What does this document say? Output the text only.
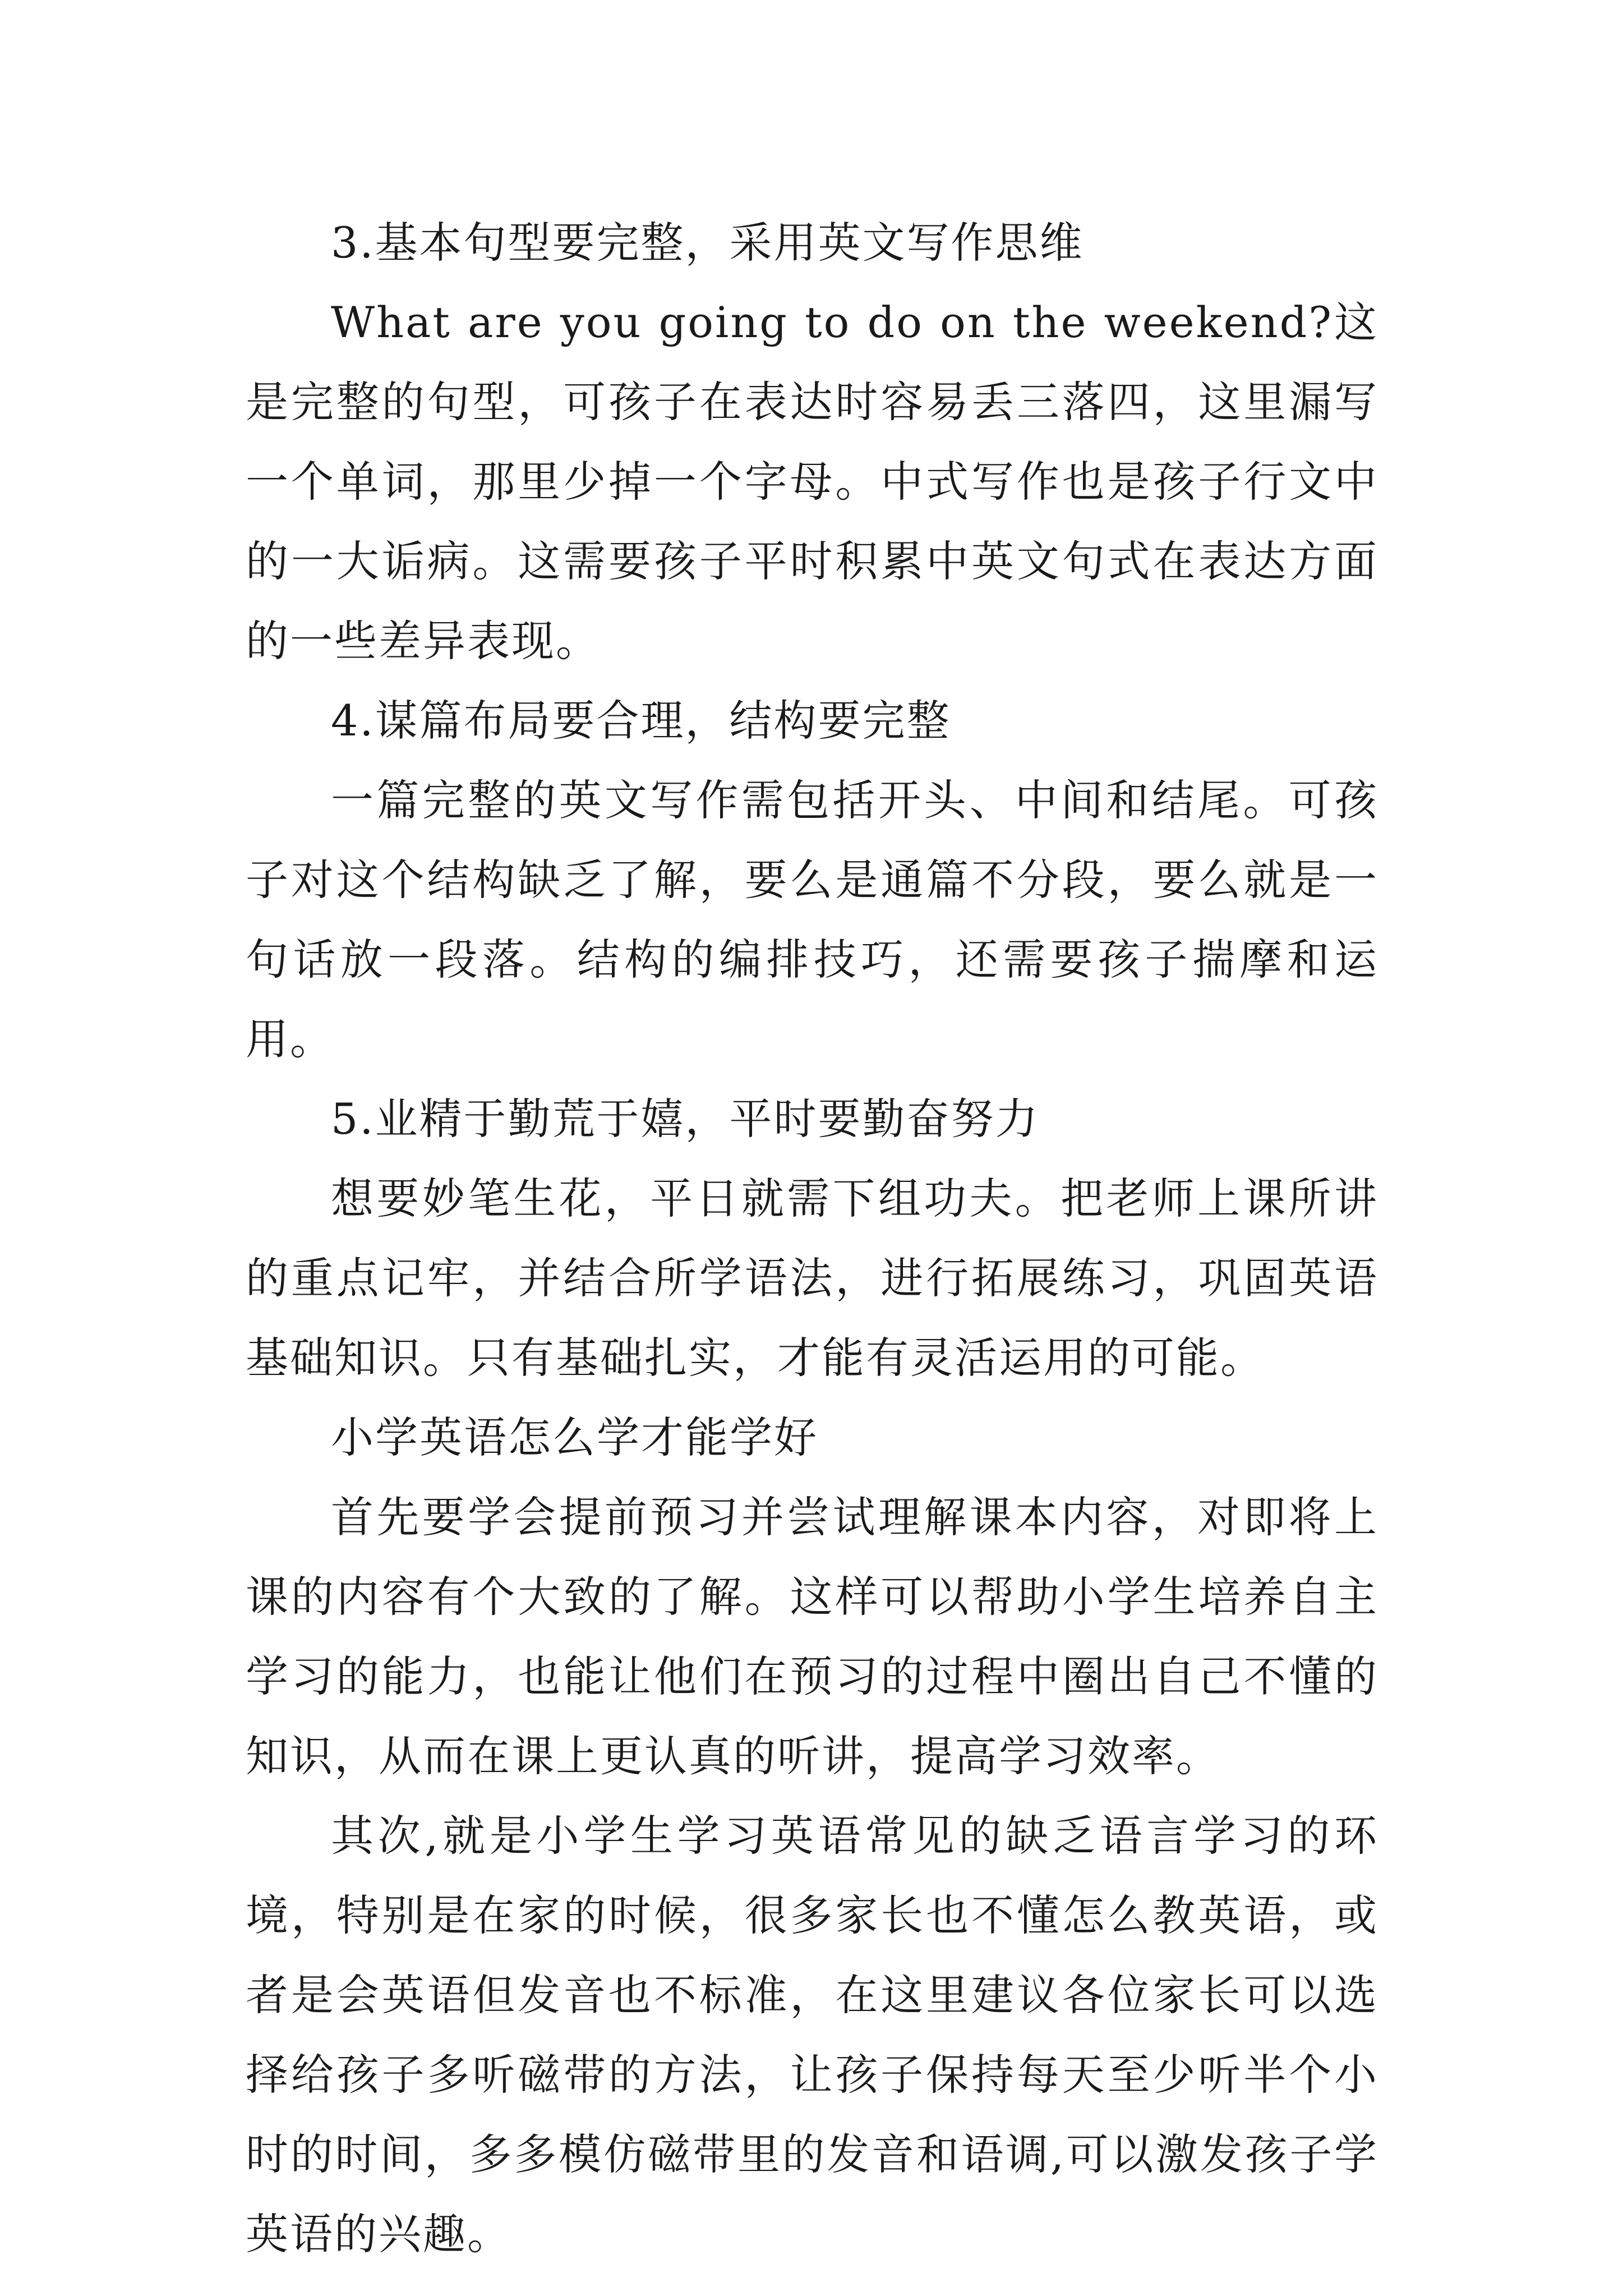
3.基本句型要完整，采用英文写作思维

What are you going to do on the weekend?这是完整的句型，可孩子在表达时容易丢三落四，这里漏写一个单词，那里少掉一个字母。中式写作也是孩子行文中的一大诟病。这需要孩子平时积累中英文句式在表达方面的一些差异表现。

4.谋篇布局要合理，结构要完整

一篇完整的英文写作需包括开头、中间和结尾。可孩子对这个结构缺乏了解，要么是通篇不分段，要么就是一句话放一段落。结构的编排技巧，还需要孩子揣摩和运用。

5.业精于勤荒于嬉，平时要勤奋努力

想要妙笔生花，平日就需下组功夫。把老师上课所讲的重点记牢，并结合所学语法，进行拓展练习，巩固英语基础知识。只有基础扎实，才能有灵活运用的可能。

小学英语怎么学才能学好

首先要学会提前预习并尝试理解课本内容，对即将上课的内容有个大致的了解。这样可以帮助小学生培养自主学习的能力，也能让他们在预习的过程中圈出自己不懂的知识，从而在课上更认真的听讲，提高学习效率。

其次,就是小学生学习英语常见的缺乏语言学习的环境，特别是在家的时候，很多家长也不懂怎么教英语，或者是会英语但发音也不标准，在这里建议各位家长可以选择给孩子多听磁带的方法，让孩子保持每天至少听半个小时的时间，多多模仿磁带里的发音和语调,可以激发孩子学英语的兴趣。
